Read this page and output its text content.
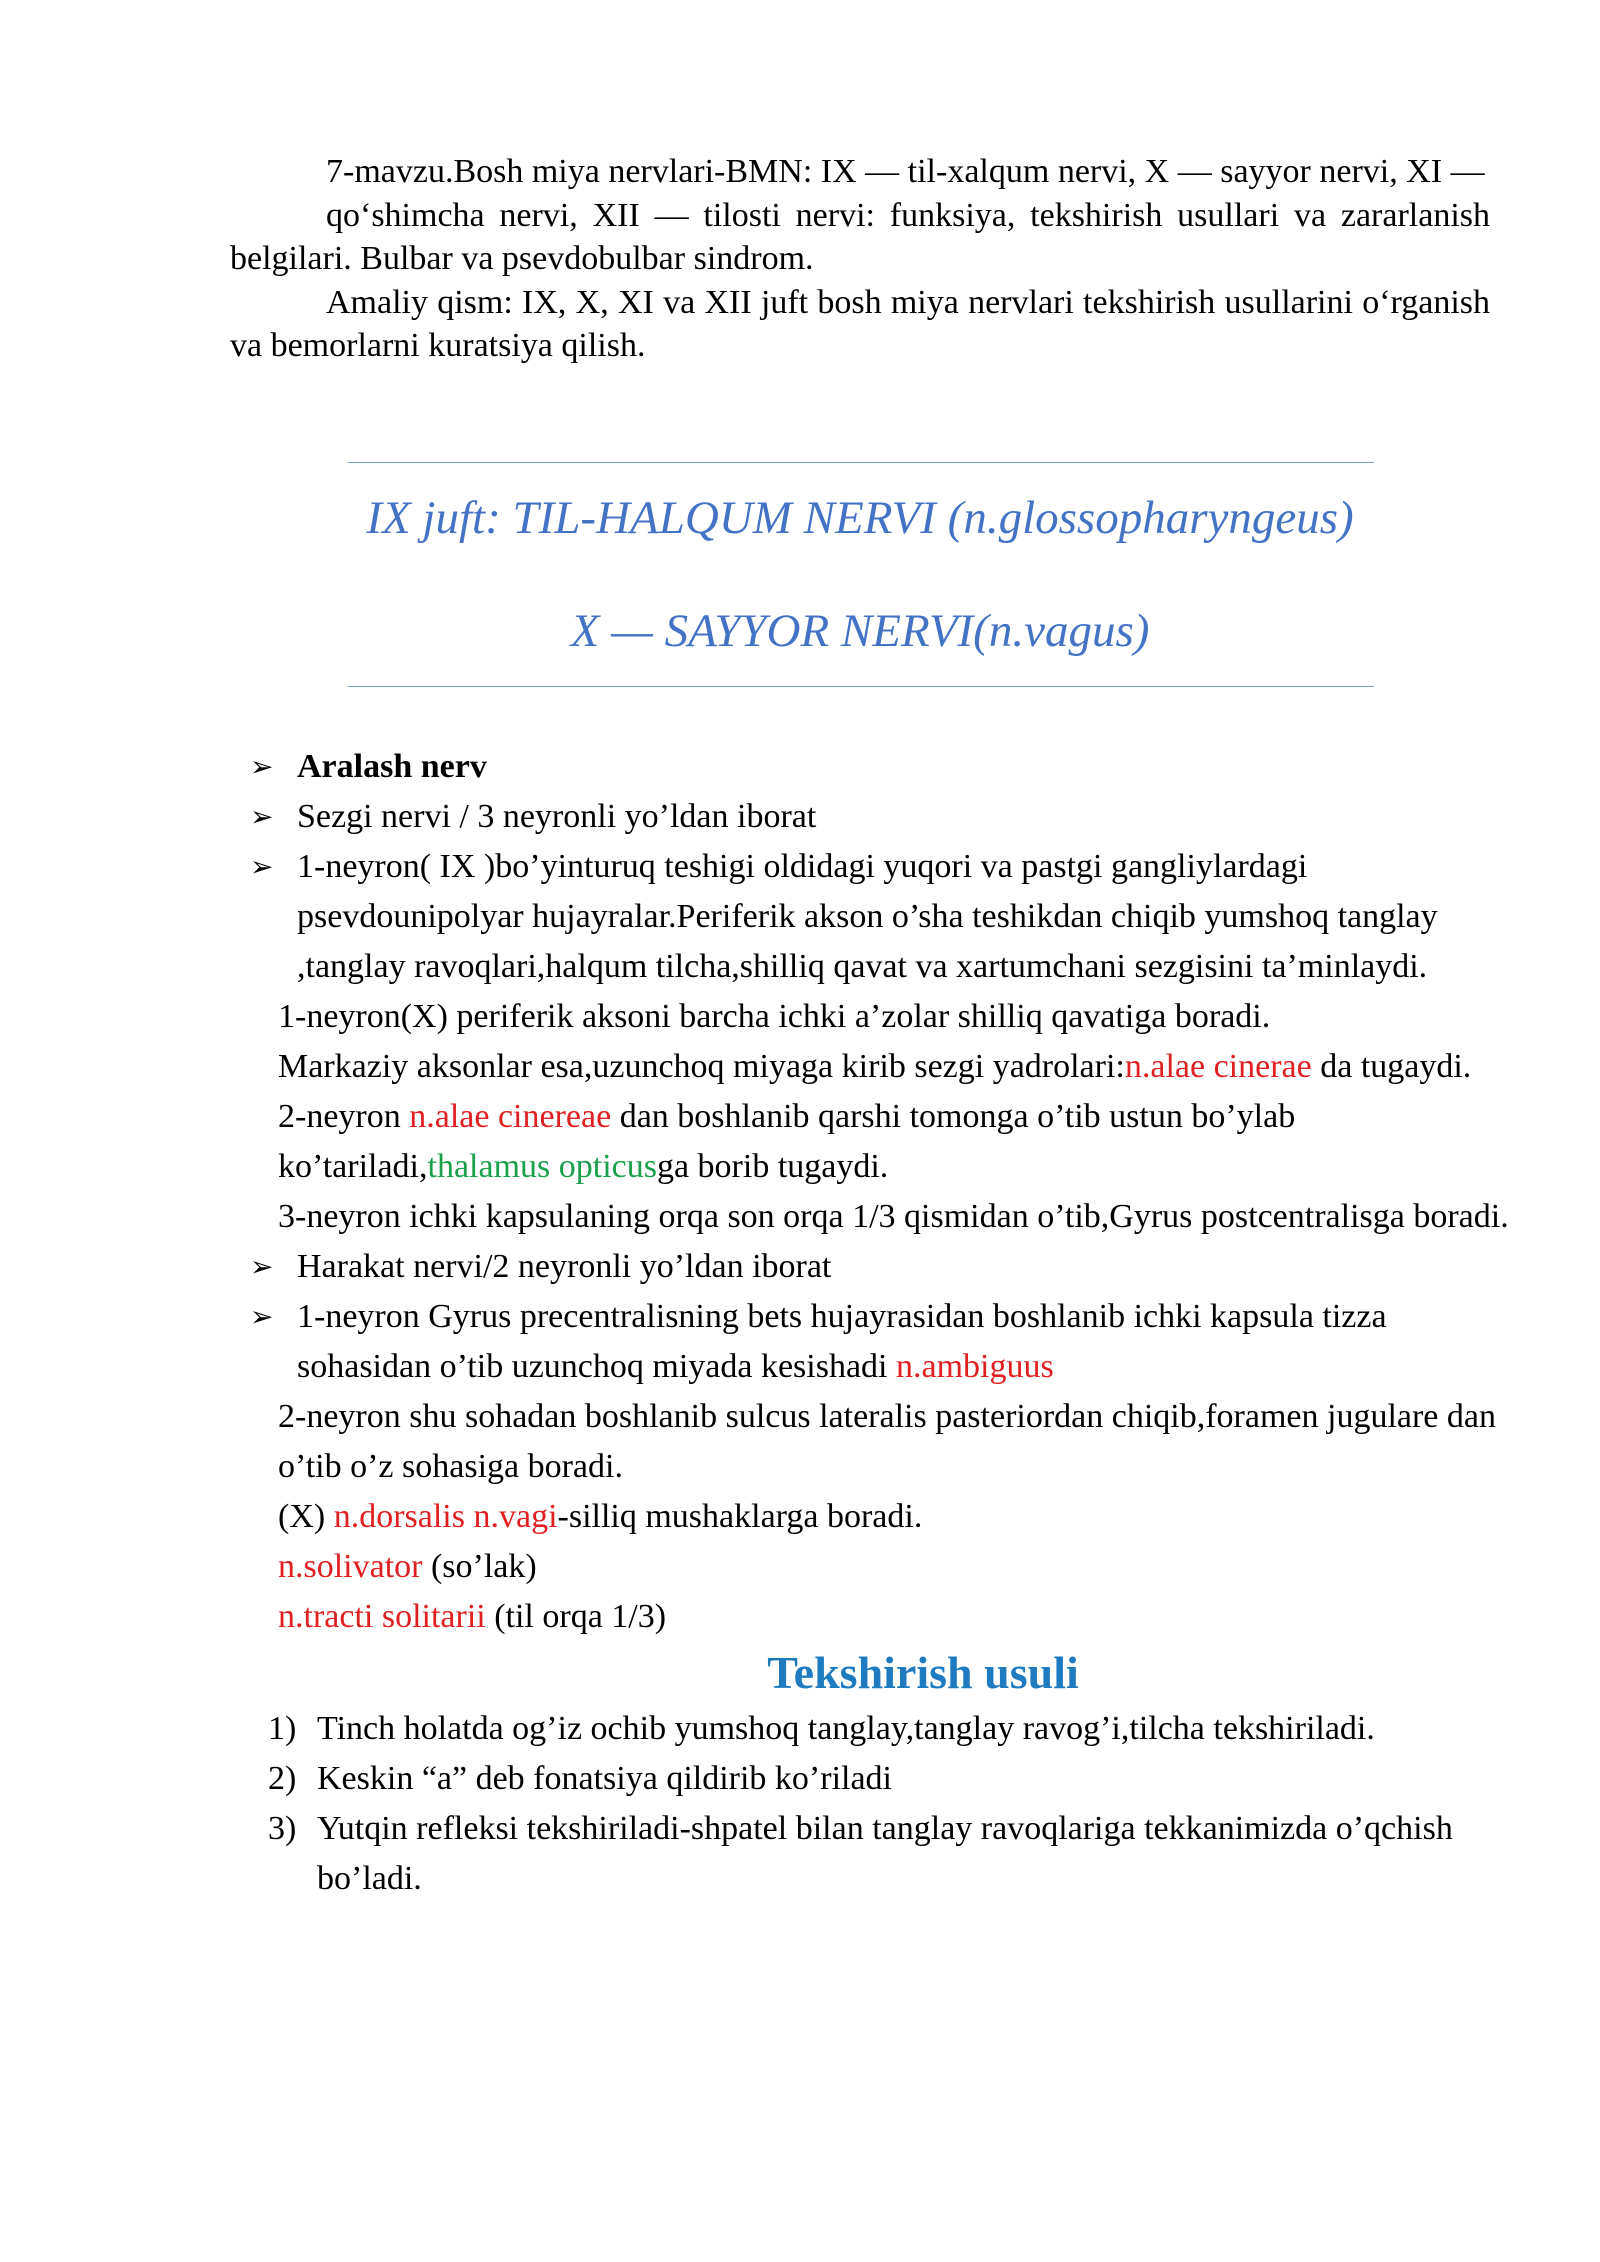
7-mavzu.Bosh miya nervlari-BMN: IX — til-xalqum nervi, X — sayyor nervi, XI —

qo‘shimcha nervi, XII — tilosti nervi: funksiya, tekshirish usullari va zararlanish belgilari. Bulbar va psevdobulbar sindrom.

Amaliy qism: IX, X, XI va XII juft bosh miya nervlari tekshirish usullarini o‘rganish va bemorlarni kuratsiya qilish.

IX juft: TIL-HALQUM NERVI (n.glossopharyngeus)
X — SAYYOR NERVI(n.vagus)
➢ Aralash nerv
➢ Sezgi nervi / 3 neyronli yo’ldan iborat
➢ 1-neyron( IX )bo’yinturuq teshigi oldidagi yuqori va pastgi gangliylardagi psevdounipolyar hujayralar.Periferik akson o’sha teshikdan chiqib yumshoq tanglay ,tanglay ravoqlari,halqum tilcha,shilliq qavat va xartumchani sezgisini ta’minlaydi.
1-neyron(X) periferik aksoni barcha ichki a’zolar shilliq qavatiga boradi.
Markaziy aksonlar esa,uzunchoq miyaga kirib sezgi yadrolari:n.alae cinerae da tugaydi.
2-neyron n.alae cinereae dan boshlanib qarshi tomonga o’tib ustun bo’ylab ko’tariladi,thalamus opticusga borib tugaydi.
3-neyron ichki kapsulaning orqa son orqa 1/3 qismidan o’tib,Gyrus postcentralisga boradi.
➢ Harakat nervi/2 neyronli yo’ldan iborat
➢ 1-neyron Gyrus precentralisning bets hujayrasidan boshlanib ichki kapsula tizza sohasidan o’tib uzunchoq miyada kesishadi n.ambiguus
2-neyron shu sohadan boshlanib sulcus lateralis pasteriordan chiqib,foramen jugulare dan o’tib o’z sohasiga boradi.
(X) n.dorsalis n.vagi-silliq mushaklarga boradi.
n.solivator (so’lak)
n.tracti solitarii (til orqa 1/3)
Tekshirish usuli
1) Tinch holatda og’iz ochib yumshoq tanglay,tanglay ravog’i,tilcha tekshiriladi.
2) Keskin “a” deb fonatsiya qildirib ko’riladi
3) Yutqin refleksi tekshiriladi-shpatel bilan tanglay ravoqlariga tekkanimizda o’qchish bo’ladi.
